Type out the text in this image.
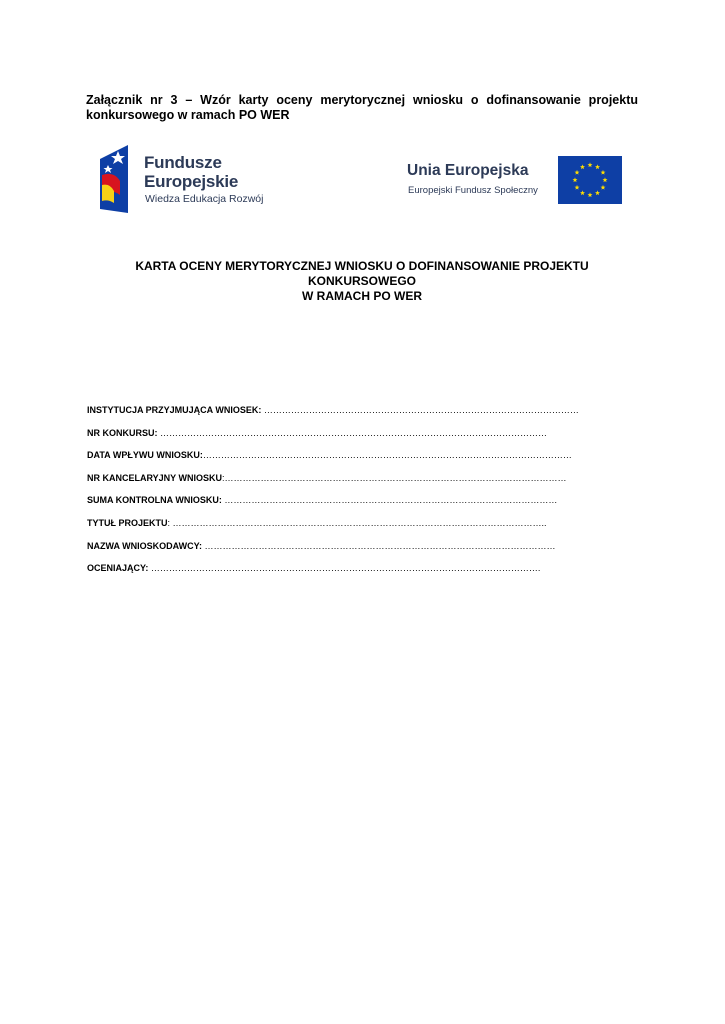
Załącznik nr 3 – Wzór karty oceny merytorycznej wniosku o dofinansowanie projektu konkursowego w ramach PO WER
Fundusze
Europejskie
Wiedza Edukacja Rozwój
Unia Europejska
Europejski Fundusz Społeczny
KARTA OCENY MERYTORYCZNEJ WNIOSKU O DOFINANSOWANIE PROJEKTU KONKURSOWEGO
W RAMACH PO WER
INSTYTUCJA PRZYJMUJĄCA WNIOSEK: ……………………………………………………………………………………………
NR KONKURSU: …………………………………………………………………………………………………………………
DATA WPŁYWU WNIOSKU:……………………………………………………………………………………………………………
NR KANCELARYJNY WNIOSKU:……………………………………………………………………………………………………
SUMA KONTROLNA WNIOSKU: …………………………………………………………………………………………………
TYTUŁ PROJEKTU: ……………………………………………………………………………………………………………..
NAZWA WNIOSKODAWCY: ………………………………………………………………………………………………………
OCENIAJĄCY: ………………………………………………………………………………………………………………….
